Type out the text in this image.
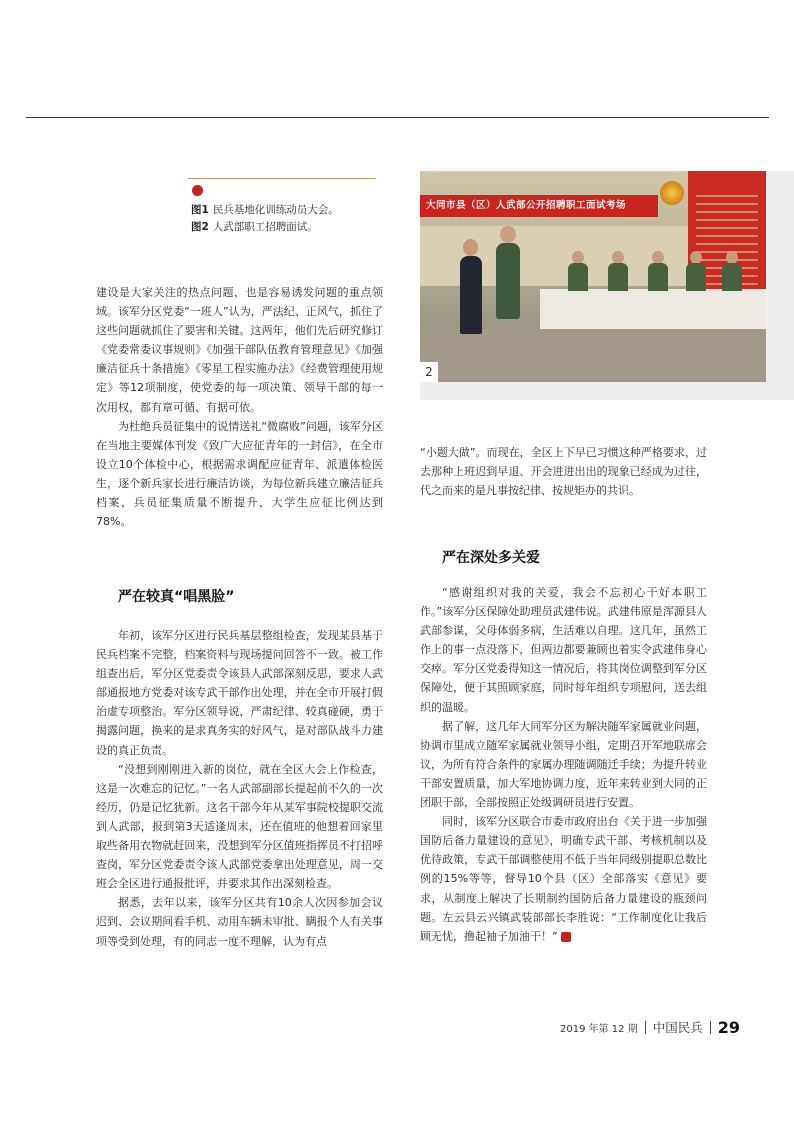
大同市县（区）人武部公开招聘职工面试考场
2
图1 民兵基地化训练动员大会。
图2 人武部职工招聘面试。

建设是大家关注的热点问题，也是容易诱发问题的重点领域。该军分区党委“一班人”认为，严法纪、正风气，抓住了这些问题就抓住了要害和关键。这两年，他们先后研究修订《党委常委议事规则》《加强干部队伍教育管理意见》《加强廉洁征兵十条措施》《零星工程实施办法》《经费管理使用规定》等12项制度，使党委的每一项决策、领导干部的每一次用权，都有章可循、有据可依。

为杜绝兵员征集中的说情送礼“微腐败”问题，该军分区在当地主要媒体刊发《致广大应征青年的一封信》，在全市设立10个体检中心，根据需求调配应征青年、派遣体检医生，逐个新兵家长进行廉洁访谈，为每位新兵建立廉洁征兵档案，兵员征集质量不断提升，大学生应征比例达到78%。

严在较真“唱黑脸”

年初，该军分区进行民兵基层整组检查，发现某县基于民兵档案不完整，档案资料与现场提问回答不一致。被工作组查出后，军分区党委责令该县人武部深刻反思，要求人武部通报地方党委对该专武干部作出处理，并在全市开展打假治虚专项整治。军分区领导说，严肃纪律、较真碰硬，勇于揭露问题，换来的是求真务实的好风气，是对部队战斗力建设的真正负责。

“没想到刚刚进入新的岗位，就在全区大会上作检查，这是一次难忘的记忆。”一名人武部副部长提起前不久的一次经历，仍是记忆犹新。这名干部今年从某军事院校提职交流到人武部，报到第3天适逢周末，还在值班的他想着回家里取些备用衣物就赶回来，没想到军分区值班指挥员不打招呼查岗，军分区党委责令该人武部党委拿出处理意见，周一交班会全区进行通报批评，并要求其作出深刻检查。

据悉，去年以来，该军分区共有10余人次因参加会议迟到、会议期间看手机、动用车辆未审批、瞒报个人有关事项等受到处理，有的同志一度不理解，认为有点

“小题大做”。而现在，全区上下早已习惯这种严格要求，过去那种上班迟到早退、开会进进出出的现象已经成为过往，代之而来的是凡事按纪律、按规矩办的共识。

严在深处多关爱

“感谢组织对我的关爱，我会不忘初心干好本职工作。”该军分区保障处助理员武建伟说。武建伟原是浑源县人武部参谋，父母体弱多病，生活难以自理。这几年，虽然工作上的事一点没落下，但两边都要兼顾也着实令武建伟身心交瘁。军分区党委得知这一情况后，将其岗位调整到军分区保障处，便于其照顾家庭，同时每年组织专项慰问，送去组织的温暖。

据了解，这几年大同军分区为解决随军家属就业问题，协调市里成立随军家属就业领导小组，定期召开军地联席会议，为所有符合条件的家属办理随调随迁手续；为提升转业干部安置质量，加大军地协调力度，近年来转业到大同的正团职干部，全部按照正处级调研员进行安置。

同时，该军分区联合市委市政府出台《关于进一步加强国防后备力量建设的意见》，明确专武干部、考核机制以及优待政策，专武干部调整使用不低于当年同级别提职总数比例的15%等等，督导10个县（区）全部落实《意见》要求，从制度上解决了长期制约国防后备力量建设的瓶颈问题。左云县云兴镇武装部部长李胜说：“工作制度化让我后顾无忧，撸起袖子加油干！”

2019 年第 12 期 中国民兵 29
